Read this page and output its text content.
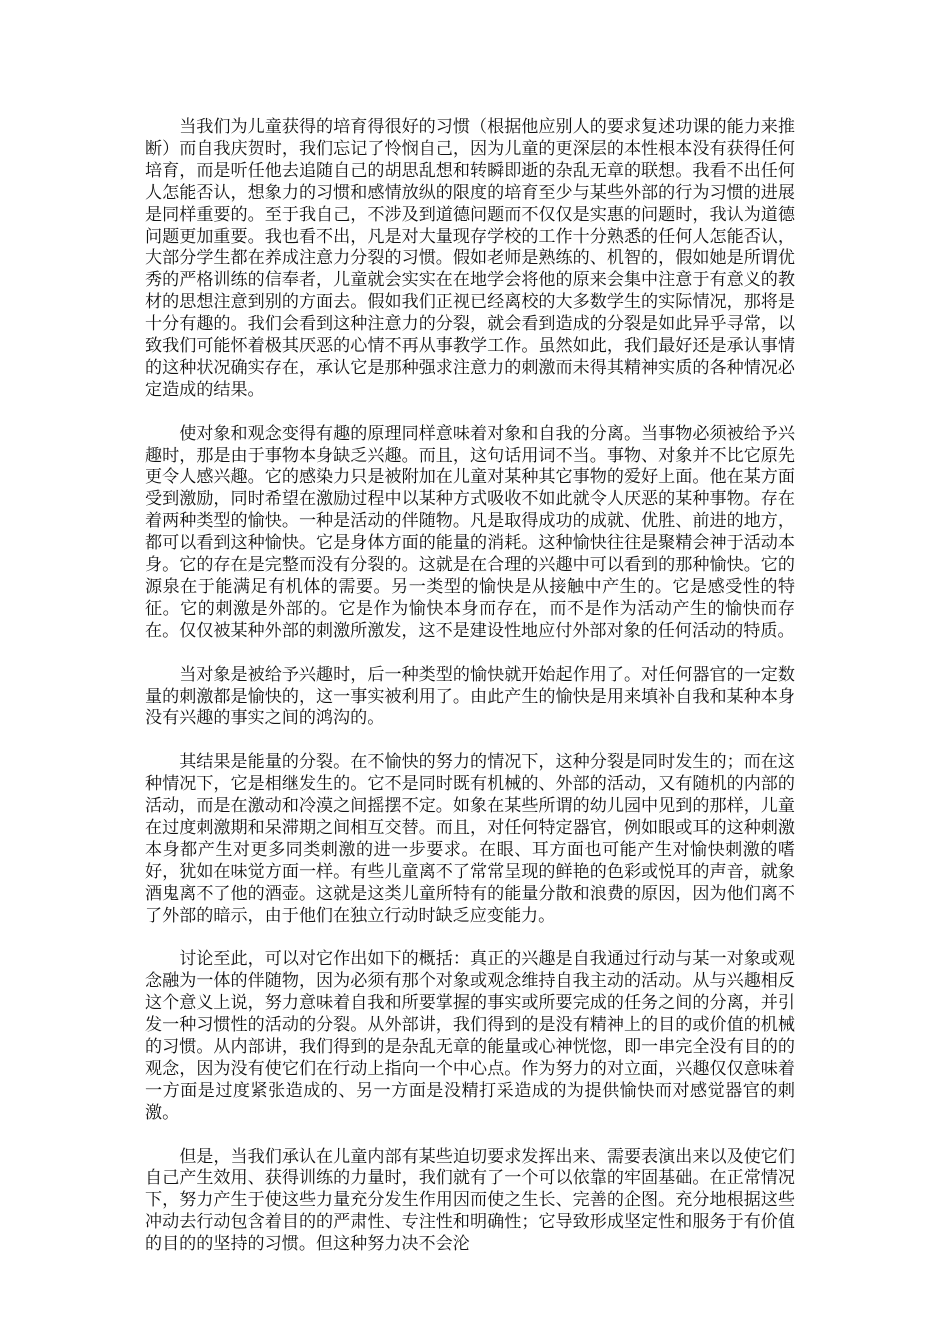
当我们为儿童获得的培育得很好的习惯（根据他应别人的要求复述功课的能力来推断）而自我庆贺时，我们忘记了怜悯自己，因为儿童的更深层的本性根本没有获得任何培育，而是听任他去追随自己的胡思乱想和转瞬即逝的杂乱无章的联想。我看不出任何人怎能否认，想象力的习惯和感情放纵的限度的培育至少与某些外部的行为习惯的进展是同样重要的。至于我自己，不涉及到道德问题而不仅仅是实惠的问题时，我认为道德问题更加重要。我也看不出，凡是对大量现存学校的工作十分熟悉的任何人怎能否认，大部分学生都在养成注意力分裂的习惯。假如老师是熟练的、机智的，假如她是所谓优秀的严格训练的信奉者，儿童就会实实在在地学会将他的原来会集中注意于有意义的教材的思想注意到别的方面去。假如我们正视已经离校的大多数学生的实际情况，那将是十分有趣的。我们会看到这种注意力的分裂，就会看到造成的分裂是如此异乎寻常，以致我们可能怀着极其厌恶的心情不再从事教学工作。虽然如此，我们最好还是承认事情的这种状况确实存在，承认它是那种强求注意力的刺激而未得其精神实质的各种情况必定造成的结果。

使对象和观念变得有趣的原理同样意味着对象和自我的分离。当事物必须被给予兴趣时，那是由于事物本身缺乏兴趣。而且，这句话用词不当。事物、对象并不比它原先更令人感兴趣。它的感染力只是被附加在儿童对某种其它事物的爱好上面。他在某方面受到激励，同时希望在激励过程中以某种方式吸收不如此就令人厌恶的某种事物。存在着两种类型的愉快。一种是活动的伴随物。凡是取得成功的成就、优胜、前进的地方，都可以看到这种愉快。它是身体方面的能量的消耗。这种愉快往往是聚精会神于活动本身。它的存在是完整而没有分裂的。这就是在合理的兴趣中可以看到的那种愉快。它的源泉在于能满足有机体的需要。另一类型的愉快是从接触中产生的。它是感受性的特征。它的刺激是外部的。它是作为愉快本身而存在，而不是作为活动产生的愉快而存在。仅仅被某种外部的刺激所激发，这不是建设性地应付外部对象的任何活动的特质。

当对象是被给予兴趣时，后一种类型的愉快就开始起作用了。对任何器官的一定数量的刺激都是愉快的，这一事实被利用了。由此产生的愉快是用来填补自我和某种本身没有兴趣的事实之间的鸿沟的。

其结果是能量的分裂。在不愉快的努力的情况下，这种分裂是同时发生的；而在这种情况下，它是相继发生的。它不是同时既有机械的、外部的活动，又有随机的内部的活动，而是在激动和冷漠之间摇摆不定。如象在某些所谓的幼儿园中见到的那样，儿童在过度刺激期和呆滞期之间相互交替。而且，对任何特定器官，例如眼或耳的这种刺激本身都产生对更多同类刺激的进一步要求。在眼、耳方面也可能产生对愉快刺激的嗜好，犹如在味觉方面一样。有些儿童离不了常常呈现的鲜艳的色彩或悦耳的声音，就象酒鬼离不了他的酒壶。这就是这类儿童所特有的能量分散和浪费的原因，因为他们离不了外部的暗示，由于他们在独立行动时缺乏应变能力。

讨论至此，可以对它作出如下的概括：真正的兴趣是自我通过行动与某一对象或观念融为一体的伴随物，因为必须有那个对象或观念维持自我主动的活动。从与兴趣相反这个意义上说，努力意味着自我和所要掌握的事实或所要完成的任务之间的分离，并引发一种习惯性的活动的分裂。从外部讲，我们得到的是没有精神上的目的或价值的机械的习惯。从内部讲，我们得到的是杂乱无章的能量或心神恍惚，即一串完全没有目的的观念，因为没有使它们在行动上指向一个中心点。作为努力的对立面，兴趣仅仅意味着一方面是过度紧张造成的、另一方面是没精打采造成的为提供愉快而对感觉器官的刺激。

但是，当我们承认在儿童内部有某些迫切要求发挥出来、需要表演出来以及使它们自己产生效用、获得训练的力量时，我们就有了一个可以依靠的牢固基础。在正常情况下，努力产生于使这些力量充分发生作用因而使之生长、完善的企图。充分地根据这些冲动去行动包含着目的的严肃性、专注性和明确性；它导致形成坚定性和服务于有价值的目的的坚持的习惯。但这种努力决不会沦
